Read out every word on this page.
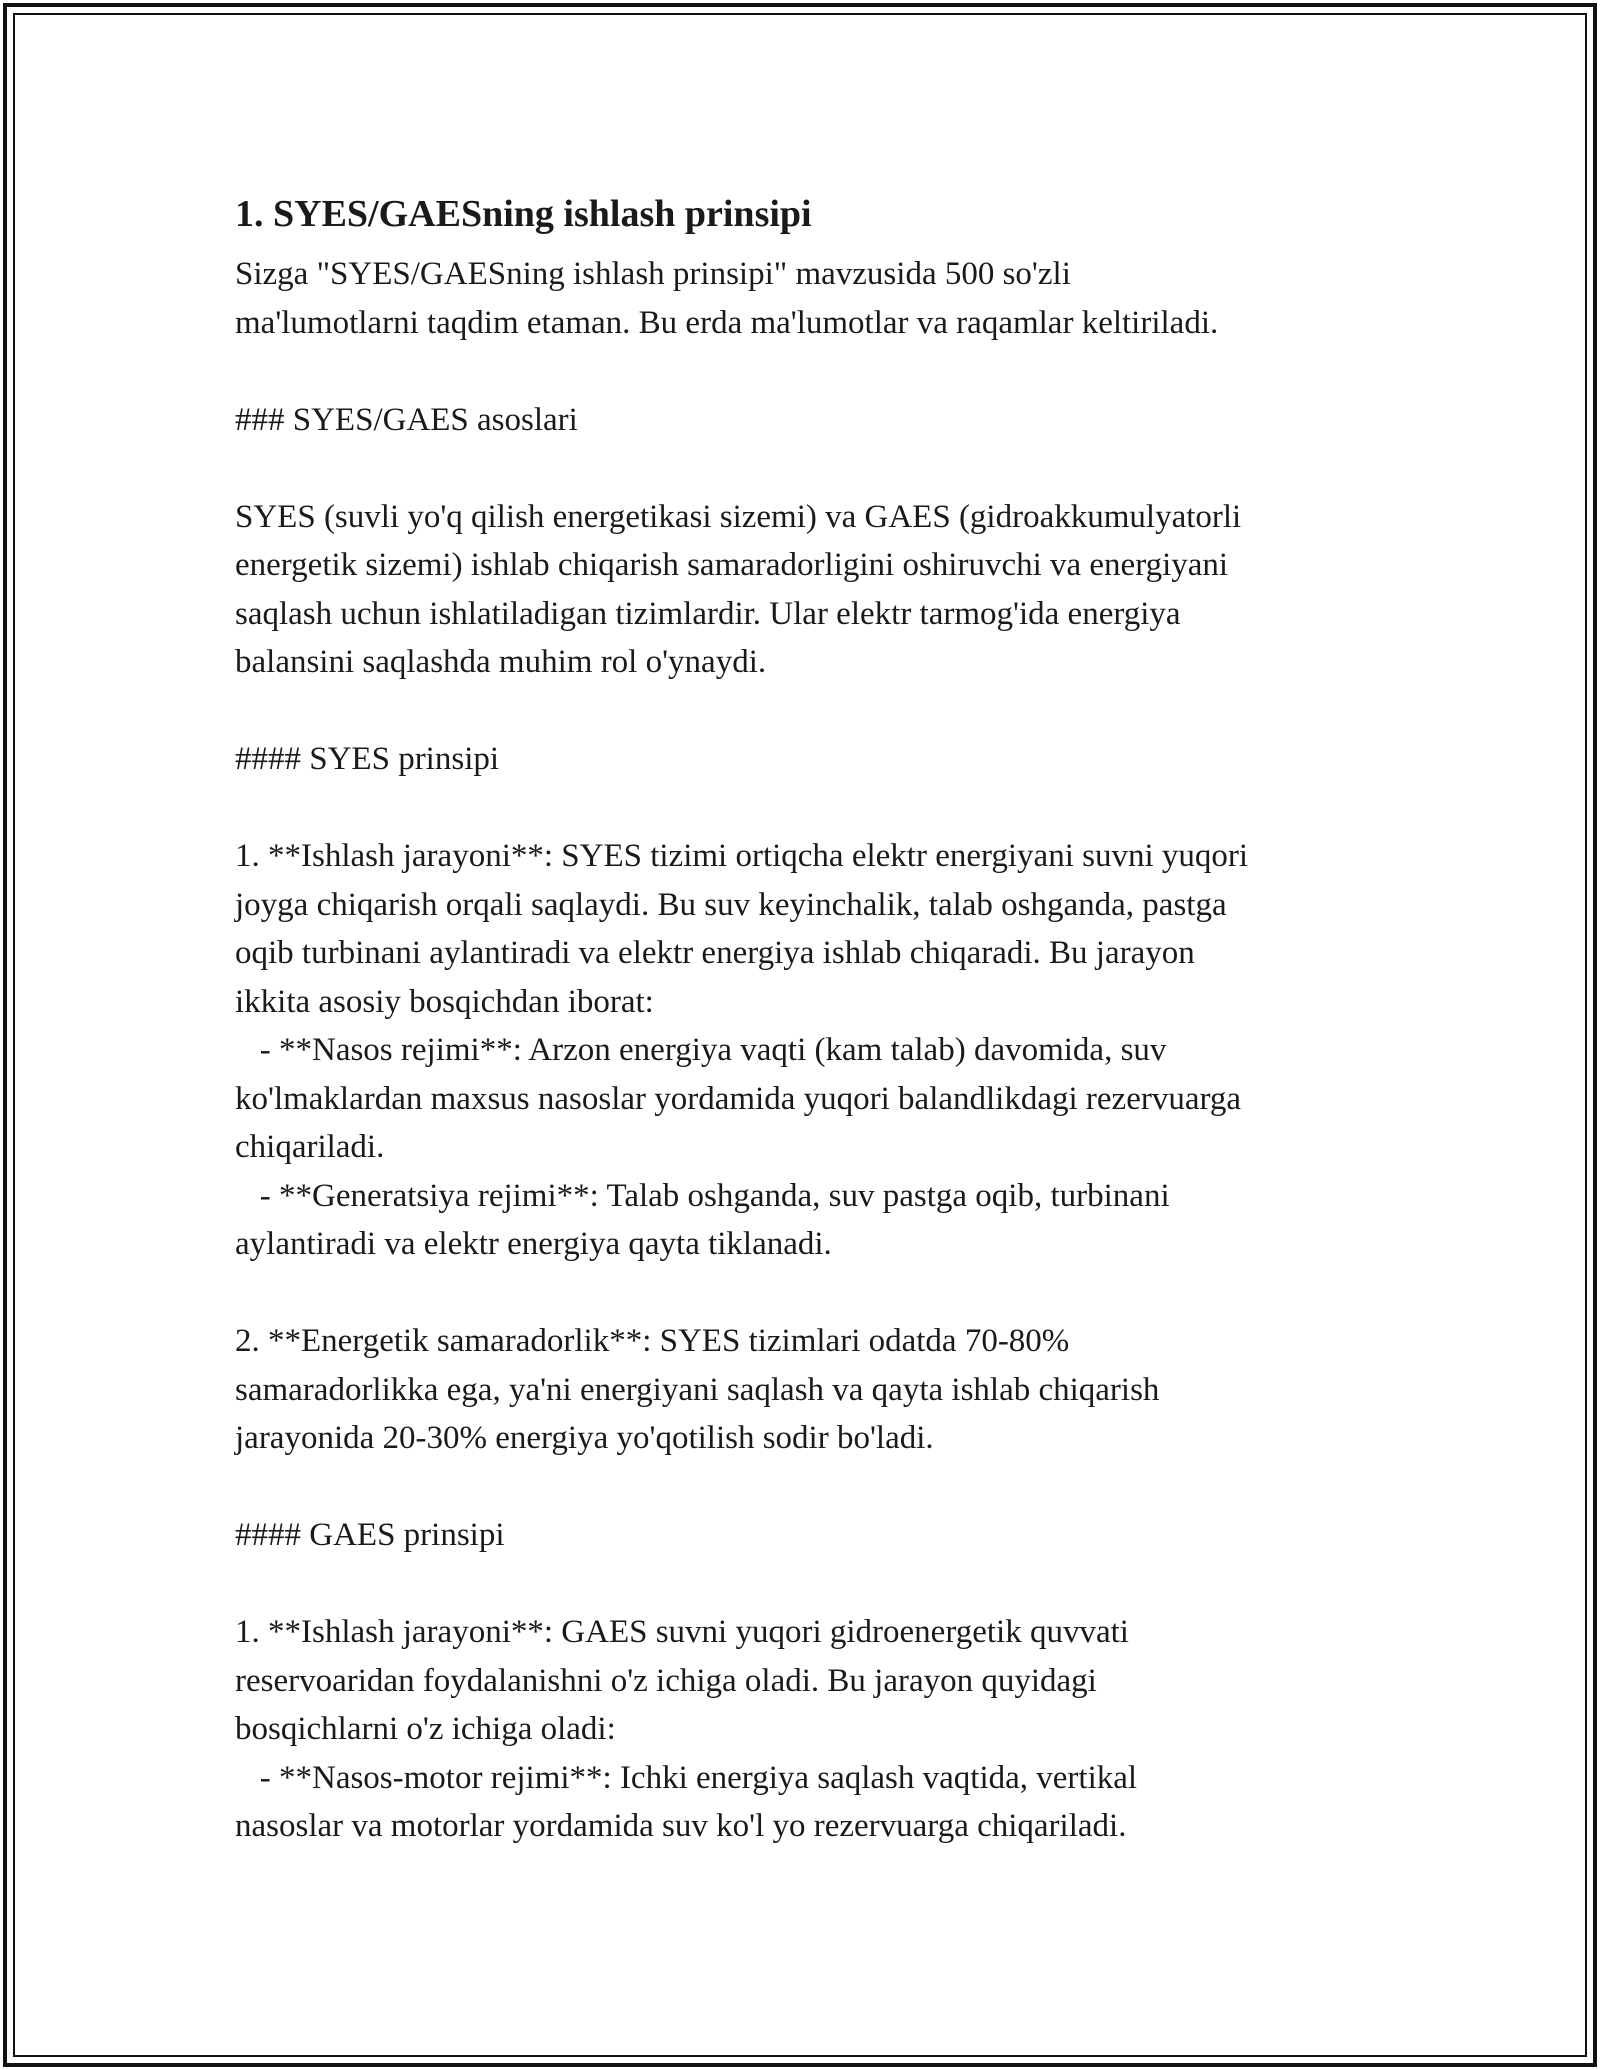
1. SYES/GAESning ishlash prinsipi

Sizga "SYES/GAESning ishlash prinsipi" mavzusida 500 so'zli
ma'lumotlarni taqdim etaman. Bu erda ma'lumotlar va raqamlar keltiriladi.

### SYES/GAES asoslari

SYES (suvli yo'q qilish energetikasi sizemi) va GAES (gidroakkumulyatorli
energetik sizemi) ishlab chiqarish samaradorligini oshiruvchi va energiyani
saqlash uchun ishlatiladigan tizimlardir. Ular elektr tarmog'ida energiya
balansini saqlashda muhim rol o'ynaydi.

#### SYES prinsipi

1. **Ishlash jarayoni**: SYES tizimi ortiqcha elektr energiyani suvni yuqori
joyga chiqarish orqali saqlaydi. Bu suv keyinchalik, talab oshganda, pastga
oqib turbinani aylantiradi va elektr energiya ishlab chiqaradi. Bu jarayon
ikkita asosiy bosqichdan iborat:
- **Nasos rejimi**: Arzon energiya vaqti (kam talab) davomida, suv
ko'lmaklardan maxsus nasoslar yordamida yuqori balandlikdagi rezervuarga
chiqariladi.
- **Generatsiya rejimi**: Talab oshganda, suv pastga oqib, turbinani
aylantiradi va elektr energiya qayta tiklanadi.

2. **Energetik samaradorlik**: SYES tizimlari odatda 70-80%
samaradorlikka ega, ya'ni energiyani saqlash va qayta ishlab chiqarish
jarayonida 20-30% energiya yo'qotilish sodir bo'ladi.

#### GAES prinsipi

1. **Ishlash jarayoni**: GAES suvni yuqori gidroenergetik quvvati
reservoaridan foydalanishni o'z ichiga oladi. Bu jarayon quyidagi
bosqichlarni o'z ichiga oladi:
- **Nasos-motor rejimi**: Ichki energiya saqlash vaqtida, vertikal
nasoslar va motorlar yordamida suv ko'l yo rezervuarga chiqariladi.
